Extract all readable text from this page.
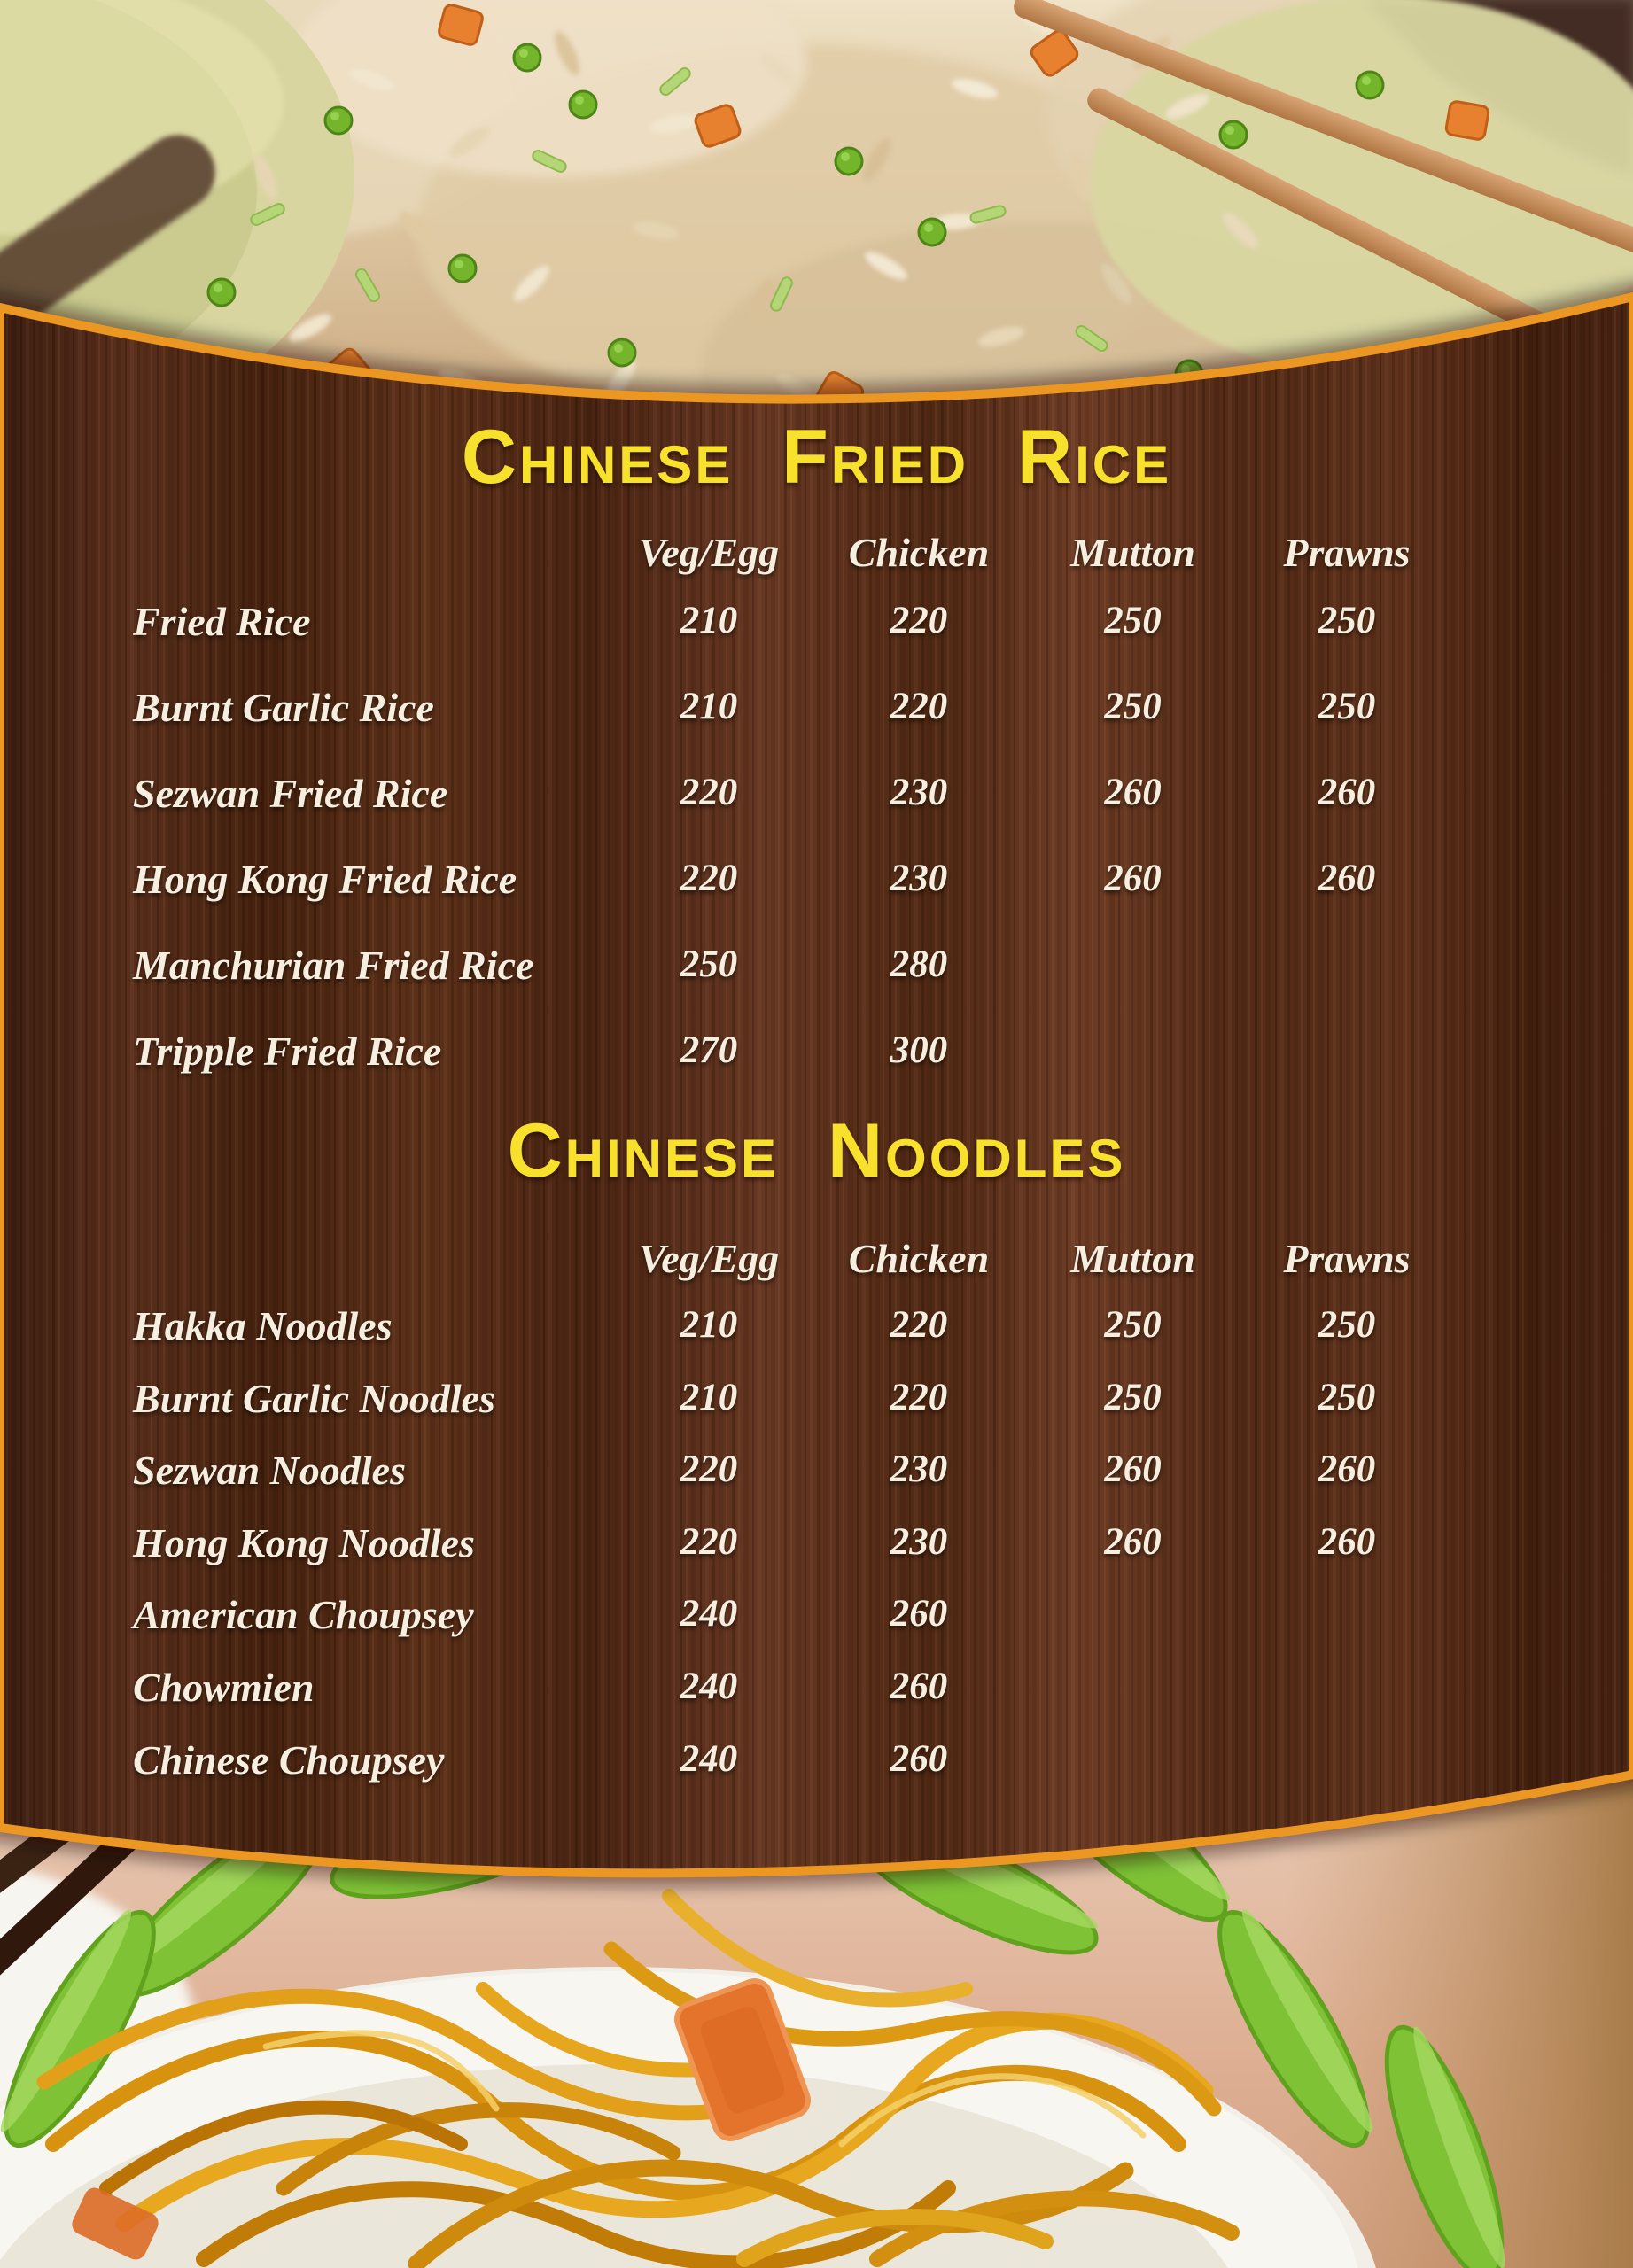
Chinese Fried Rice
Veg/Egg	Chicken	Mutton	Prawns
Fried Rice	210	220	250	250
Burnt Garlic Rice	210	220	250	250
Sezwan Fried Rice	220	230	260	260
Hong Kong Fried Rice	220	230	260	260
Manchurian Fried Rice	250	280
Tripple Fried Rice	270	300
Chinese Noodles
Veg/Egg	Chicken	Mutton	Prawns
Hakka Noodles	210	220	250	250
Burnt Garlic Noodles	210	220	250	250
Sezwan Noodles	220	230	260	260
Hong Kong Noodles	220	230	260	260
American Choupsey	240	260
Chowmien	240	260
Chinese Choupsey	240	260
